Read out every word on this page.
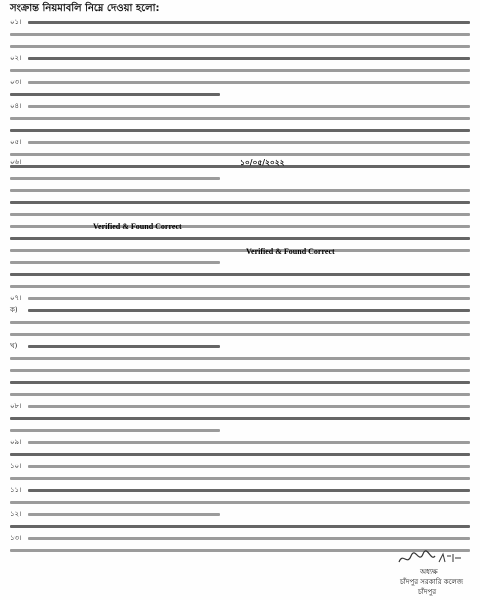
সংক্রান্ত নিয়মাবলি নিম্নে দেওয়া হলো:
১০/০৫/২০২২
Verified & Found Correct
Verified & Found Correct
০১।
০২।
০৩।
০৪।
০৫।
০৬।
০৭।
ক)
খ)
০৮।
০৯।
১০।
১১।
১২।
১৩।
অধ্যক্ষ
চাঁদপুর সরকারি কলেজ
চাঁদপুর
